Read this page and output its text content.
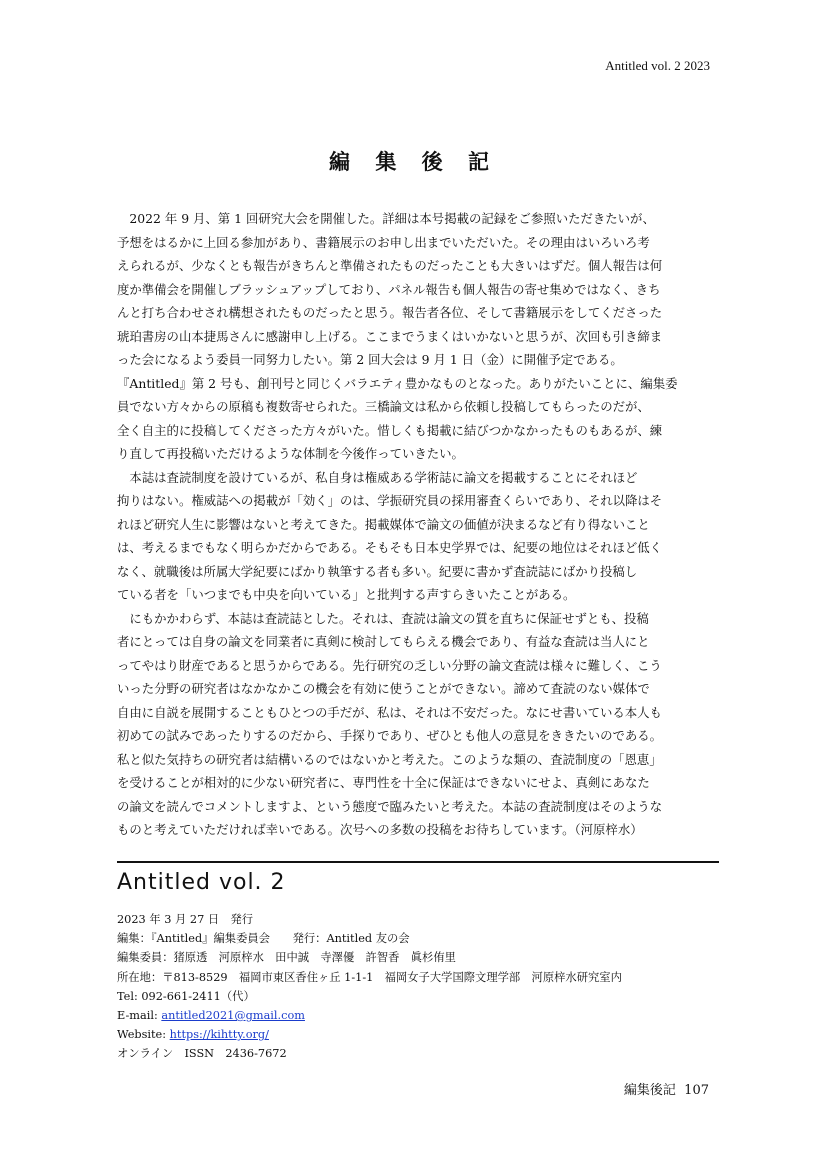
Antitled vol. 2 2023
編 集 後 記
　2022 年 9 月、第 1 回研究大会を開催した。詳細は本号掲載の記録をご参照いただきたいが、
予想をはるかに上回る参加があり、書籍展示のお申し出までいただいた。その理由はいろいろ考
えられるが、少なくとも報告がきちんと準備されたものだったことも大きいはずだ。個人報告は何
度か準備会を開催しブラッシュアップしており、パネル報告も個人報告の寄せ集めではなく、きち
んと打ち合わせされ構想されたものだったと思う。報告者各位、そして書籍展示をしてくださった
琥珀書房の山本捷馬さんに感謝申し上げる。ここまでうまくはいかないと思うが、次回も引き締ま
った会になるよう委員一同努力したい。第 2 回大会は 9 月 1 日（金）に開催予定である。
『Antitled』第 2 号も、創刊号と同じくバラエティ豊かなものとなった。ありがたいことに、編集委
員でない方々からの原稿も複数寄せられた。三橋論文は私から依頼し投稿してもらったのだが、
全く自主的に投稿してくださった方々がいた。惜しくも掲載に結びつかなかったものもあるが、練
り直して再投稿いただけるような体制を今後作っていきたい。
　本誌は査読制度を設けているが、私自身は権威ある学術誌に論文を掲載することにそれほど
拘りはない。権威誌への掲載が「効く」のは、学振研究員の採用審査くらいであり、それ以降はそ
れほど研究人生に影響はないと考えてきた。掲載媒体で論文の価値が決まるなど有り得ないこと
は、考えるまでもなく明らかだからである。そもそも日本史学界では、紀要の地位はそれほど低く
なく、就職後は所属大学紀要にばかり執筆する者も多い。紀要に書かず査読誌にばかり投稿し
ている者を「いつまでも中央を向いている」と批判する声すらきいたことがある。
　にもかかわらず、本誌は査読誌とした。それは、査読は論文の質を直ちに保証せずとも、投稿
者にとっては自身の論文を同業者に真剣に検討してもらえる機会であり、有益な査読は当人にと
ってやはり財産であると思うからである。先行研究の乏しい分野の論文査読は様々に難しく、こう
いった分野の研究者はなかなかこの機会を有効に使うことができない。諦めて査読のない媒体で
自由に自説を展開することもひとつの手だが、私は、それは不安だった。なにせ書いている本人も
初めての試みであったりするのだから、手探りであり、ぜひとも他人の意見をききたいのである。
私と似た気持ちの研究者は結構いるのではないかと考えた。このような類の、査読制度の「恩恵」
を受けることが相対的に少ない研究者に、専門性を十全に保証はできないにせよ、真剣にあなた
の論文を読んでコメントしますよ、という態度で臨みたいと考えた。本誌の査読制度はそのような
ものと考えていただければ幸いである。次号への多数の投稿をお待ちしています。（河原梓水）
Antitled vol. 2
2023 年 3 月 27 日　発行
編集：『Antitled』編集委員会　　発行：Antitled 友の会
編集委員：猪原透　河原梓水　田中誠　寺澤優　許智香　眞杉侑里
所在地：〒813-8529　福岡市東区香住ヶ丘 1-1-1　福岡女子大学国際文理学部　河原梓水研究室内
Tel: 092-661-2411（代）
E-mail: antitled2021@gmail.com
Website: https://kihtty.org/
オンライン　ISSN　2436-7672
編集後記 107
